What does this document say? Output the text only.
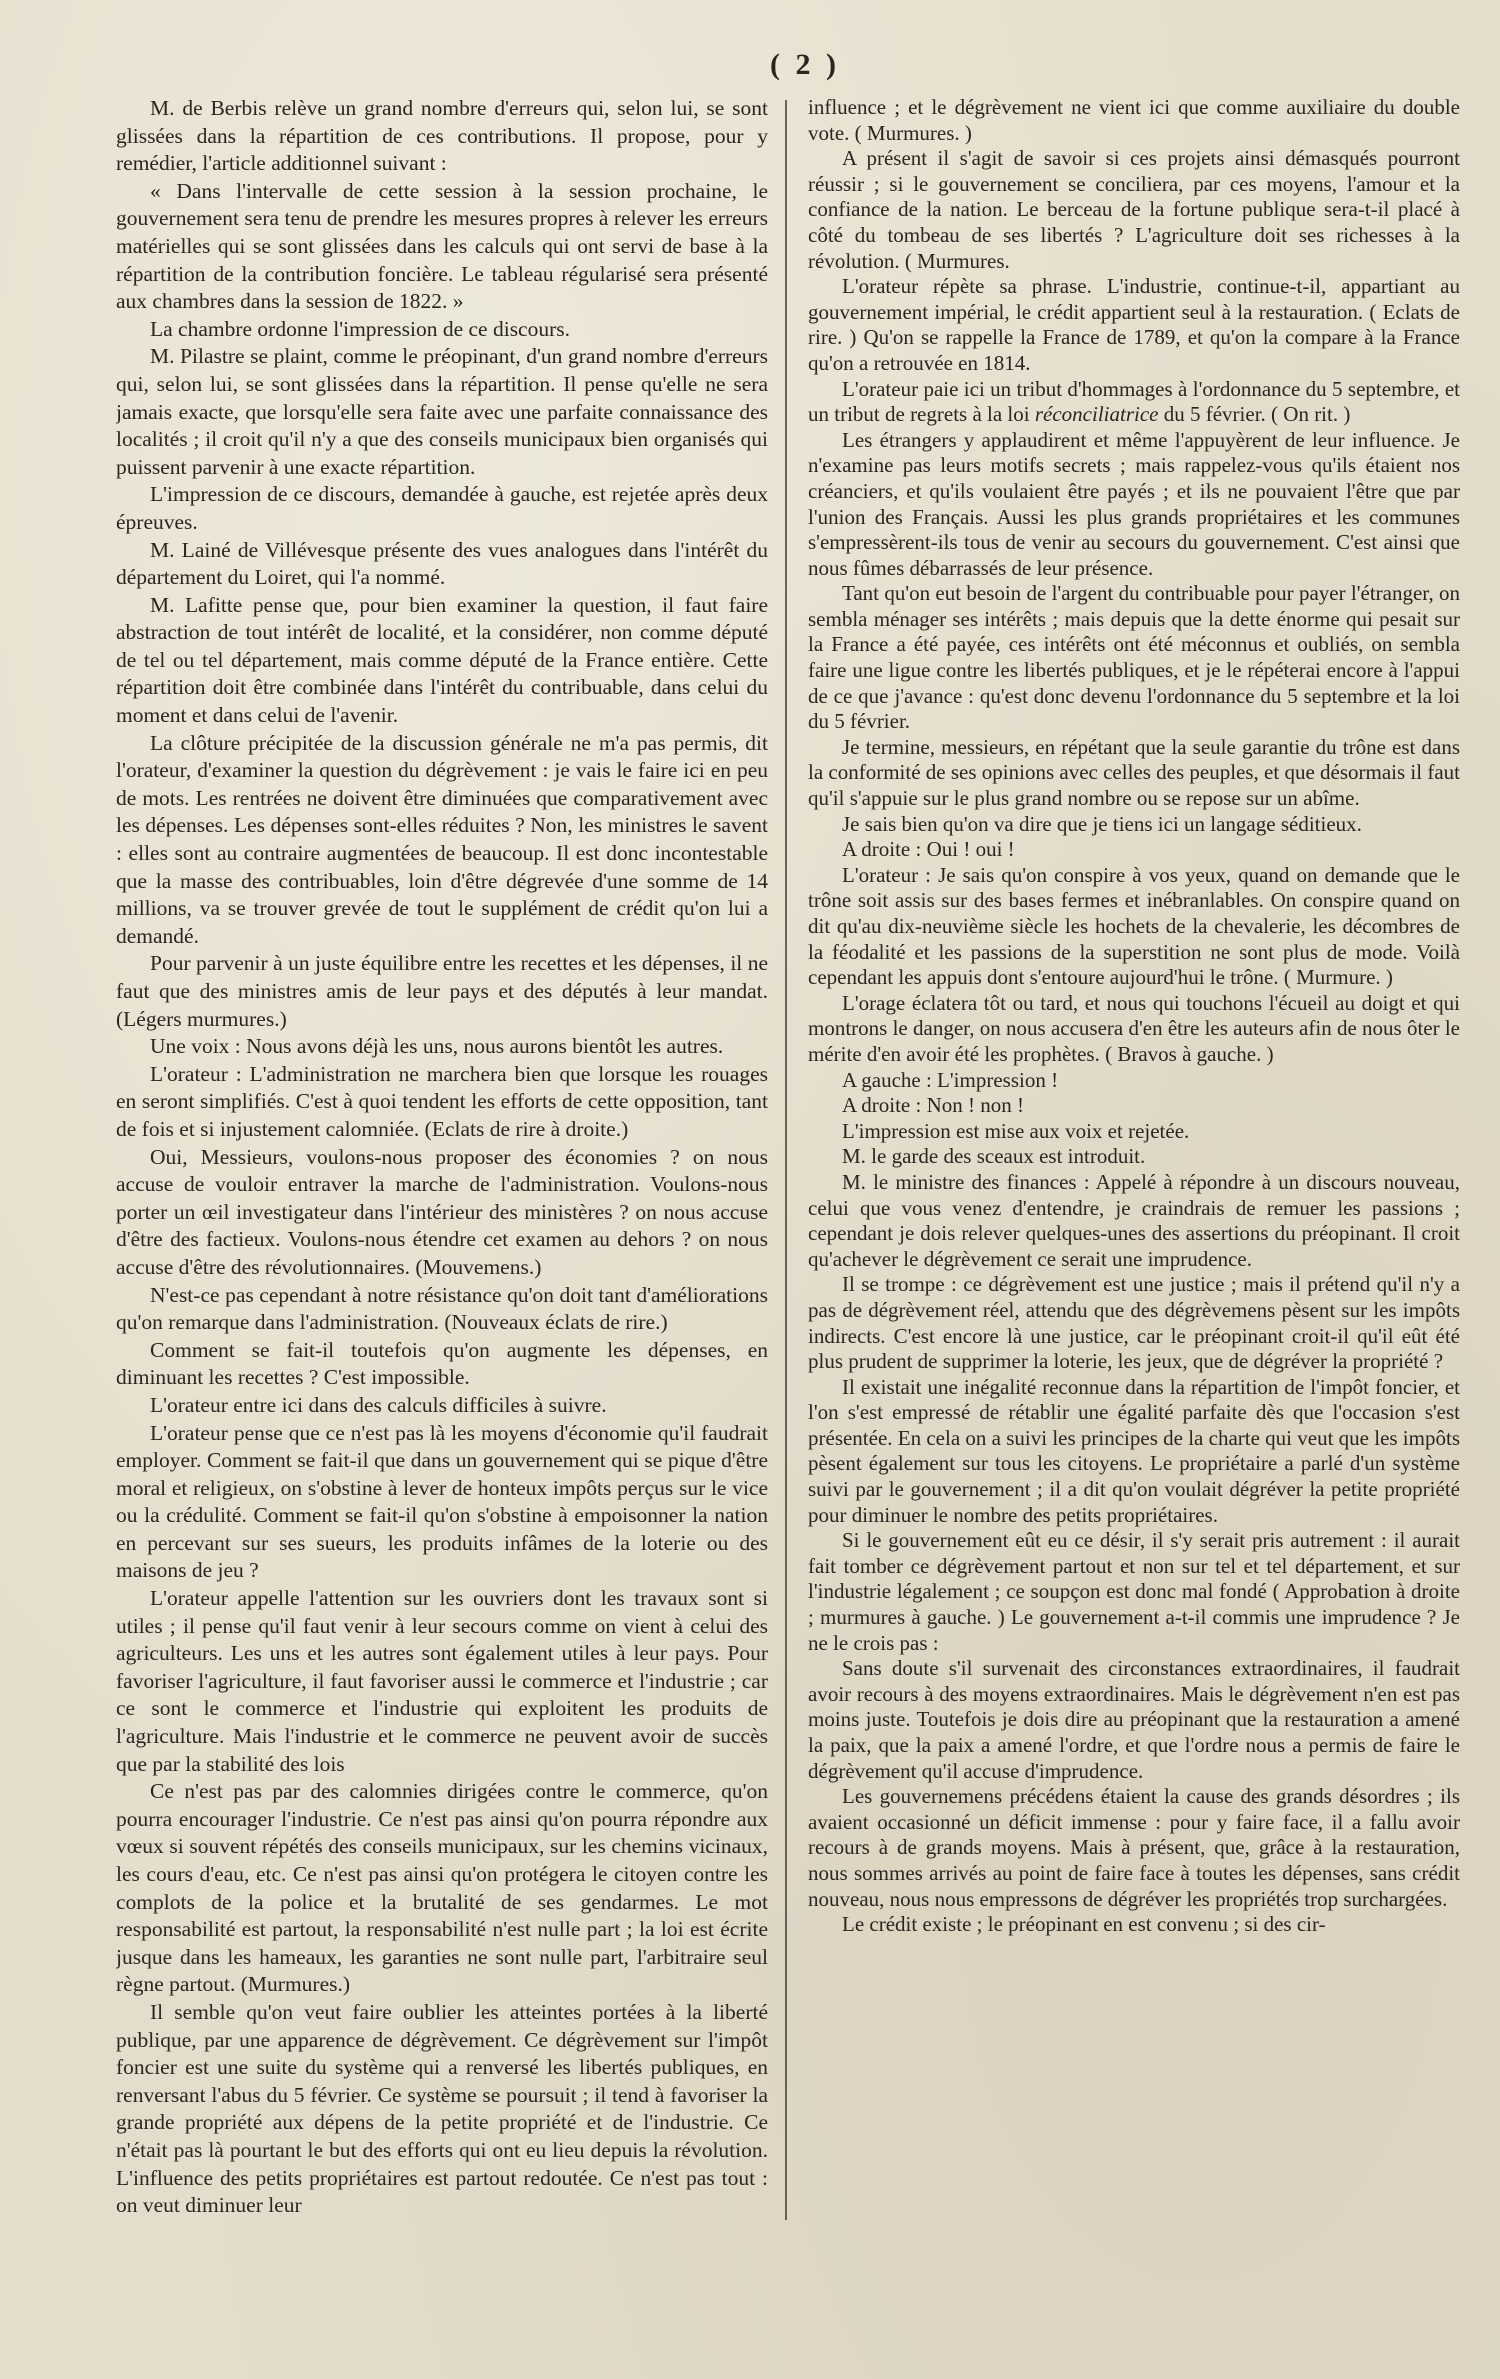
( 2 )

M. de Berbis relève un grand nombre d'erreurs qui, selon lui, se sont glissées dans la répartition de ces contributions. Il propose, pour y remédier, l'article additionnel suivant :

« Dans l'intervalle de cette session à la session prochaine, le gouvernement sera tenu de prendre les mesures propres à relever les erreurs matérielles qui se sont glissées dans les calculs qui ont servi de base à la répartition de la contribution foncière. Le tableau régularisé sera présenté aux chambres dans la session de 1822. »

La chambre ordonne l'impression de ce discours.

M. Pilastre se plaint, comme le préopinant, d'un grand nombre d'erreurs qui, selon lui, se sont glissées dans la répartition. Il pense qu'elle ne sera jamais exacte, que lorsqu'elle sera faite avec une parfaite connaissance des localités ; il croit qu'il n'y a que des conseils municipaux bien organisés qui puissent parvenir à une exacte répartition.

L'impression de ce discours, demandée à gauche, est rejetée après deux épreuves.

M. Lainé de Villévesque présente des vues analogues dans l'intérêt du département du Loiret, qui l'a nommé.

M. Lafitte pense que, pour bien examiner la question, il faut faire abstraction de tout intérêt de localité, et la considérer, non comme député de tel ou tel département, mais comme député de la France entière. Cette répartition doit être combinée dans l'intérêt du contribuable, dans celui du moment et dans celui de l'avenir.

La clôture précipitée de la discussion générale ne m'a pas permis, dit l'orateur, d'examiner la question du dégrèvement : je vais le faire ici en peu de mots. Les rentrées ne doivent être diminuées que comparativement avec les dépenses. Les dépenses sont-elles réduites ? Non, les ministres le savent : elles sont au contraire augmentées de beaucoup. Il est donc incontestable que la masse des contribuables, loin d'être dégrevée d'une somme de 14 millions, va se trouver grevée de tout le supplément de crédit qu'on lui a demandé.

Pour parvenir à un juste équilibre entre les recettes et les dépenses, il ne faut que des ministres amis de leur pays et des députés à leur mandat. (Légers murmures.)

Une voix : Nous avons déjà les uns, nous aurons bientôt les autres.

L'orateur : L'administration ne marchera bien que lorsque les rouages en seront simplifiés. C'est à quoi tendent les efforts de cette opposition, tant de fois et si injustement calomniée. (Eclats de rire à droite.)

Oui, Messieurs, voulons-nous proposer des économies ? on nous accuse de vouloir entraver la marche de l'administration. Voulons-nous porter un œil investigateur dans l'intérieur des ministères ? on nous accuse d'être des factieux. Voulons-nous étendre cet examen au dehors ? on nous accuse d'être des révolutionnaires. (Mouvemens.)

N'est-ce pas cependant à notre résistance qu'on doit tant d'améliorations qu'on remarque dans l'administration. (Nouveaux éclats de rire.)

Comment se fait-il toutefois qu'on augmente les dépenses, en diminuant les recettes ? C'est impossible.

L'orateur entre ici dans des calculs difficiles à suivre.

L'orateur pense que ce n'est pas là les moyens d'économie qu'il faudrait employer. Comment se fait-il que dans un gouvernement qui se pique d'être moral et religieux, on s'obstine à lever de honteux impôts perçus sur le vice ou la crédulité. Comment se fait-il qu'on s'obstine à empoisonner la nation en percevant sur ses sueurs, les produits infâmes de la loterie ou des maisons de jeu ?

L'orateur appelle l'attention sur les ouvriers dont les travaux sont si utiles ; il pense qu'il faut venir à leur secours comme on vient à celui des agriculteurs. Les uns et les autres sont également utiles à leur pays. Pour favoriser l'agriculture, il faut favoriser aussi le commerce et l'industrie ; car ce sont le commerce et l'industrie qui exploitent les produits de l'agriculture. Mais l'industrie et le commerce ne peuvent avoir de succès que par la stabilité des lois

Ce n'est pas par des calomnies dirigées contre le commerce, qu'on pourra encourager l'industrie. Ce n'est pas ainsi qu'on pourra répondre aux vœux si souvent répétés des conseils municipaux, sur les chemins vicinaux, les cours d'eau, etc. Ce n'est pas ainsi qu'on protégera le citoyen contre les complots de la police et la brutalité de ses gendarmes. Le mot responsabilité est partout, la responsabilité n'est nulle part ; la loi est écrite jusque dans les hameaux, les garanties ne sont nulle part, l'arbitraire seul règne partout. (Murmures.)

Il semble qu'on veut faire oublier les atteintes portées à la liberté publique, par une apparence de dégrèvement. Ce dégrèvement sur l'impôt foncier est une suite du système qui a renversé les libertés publiques, en renversant l'abus du 5 février. Ce système se poursuit ; il tend à favoriser la grande propriété aux dépens de la petite propriété et de l'industrie. Ce n'était pas là pourtant le but des efforts qui ont eu lieu depuis la révolution. L'influence des petits propriétaires est partout redoutée. Ce n'est pas tout : on veut diminuer leur

influence ; et le dégrèvement ne vient ici que comme auxiliaire du double vote. ( Murmures. )

A présent il s'agit de savoir si ces projets ainsi démasqués pourront réussir ; si le gouvernement se conciliera, par ces moyens, l'amour et la confiance de la nation. Le berceau de la fortune publique sera-t-il placé à côté du tombeau de ses libertés ? L'agriculture doit ses richesses à la révolution. ( Murmures.

L'orateur répète sa phrase. L'industrie, continue-t-il, appartiant au gouvernement impérial, le crédit appartient seul à la restauration. ( Eclats de rire. ) Qu'on se rappelle la France de 1789, et qu'on la compare à la France qu'on a retrouvée en 1814.

L'orateur paie ici un tribut d'hommages à l'ordonnance du 5 septembre, et un tribut de regrets à la loi réconciliatrice du 5 février. ( On rit. )

Les étrangers y applaudirent et même l'appuyèrent de leur influence. Je n'examine pas leurs motifs secrets ; mais rappelez-vous qu'ils étaient nos créanciers, et qu'ils voulaient être payés ; et ils ne pouvaient l'être que par l'union des Français. Aussi les plus grands propriétaires et les communes s'empressèrent-ils tous de venir au secours du gouvernement. C'est ainsi que nous fûmes débarrassés de leur présence.

Tant qu'on eut besoin de l'argent du contribuable pour payer l'étranger, on sembla ménager ses intérêts ; mais depuis que la dette énorme qui pesait sur la France a été payée, ces intérêts ont été méconnus et oubliés, on sembla faire une ligue contre les libertés publiques, et je le répéterai encore à l'appui de ce que j'avance : qu'est donc devenu l'ordonnance du 5 septembre et la loi du 5 février.

Je termine, messieurs, en répétant que la seule garantie du trône est dans la conformité de ses opinions avec celles des peuples, et que désormais il faut qu'il s'appuie sur le plus grand nombre ou se repose sur un abîme.

Je sais bien qu'on va dire que je tiens ici un langage séditieux.

A droite : Oui ! oui !

L'orateur : Je sais qu'on conspire à vos yeux, quand on demande que le trône soit assis sur des bases fermes et inébranlables. On conspire quand on dit qu'au dix-neuvième siècle les hochets de la chevalerie, les décombres de la féodalité et les passions de la superstition ne sont plus de mode. Voilà cependant les appuis dont s'entoure aujourd'hui le trône. ( Murmure. )

L'orage éclatera tôt ou tard, et nous qui touchons l'écueil au doigt et qui montrons le danger, on nous accusera d'en être les auteurs afin de nous ôter le mérite d'en avoir été les prophètes. ( Bravos à gauche. )

A gauche : L'impression !

A droite : Non ! non !

L'impression est mise aux voix et rejetée.

M. le garde des sceaux est introduit.

M. le ministre des finances : Appelé à répondre à un discours nouveau, celui que vous venez d'entendre, je craindrais de remuer les passions ; cependant je dois relever quelques-unes des assertions du préopinant. Il croit qu'achever le dégrèvement ce serait une imprudence.

Il se trompe : ce dégrèvement est une justice ; mais il prétend qu'il n'y a pas de dégrèvement réel, attendu que des dégrèvemens pèsent sur les impôts indirects. C'est encore là une justice, car le préopinant croit-il qu'il eût été plus prudent de supprimer la loterie, les jeux, que de dégréver la propriété ?

Il existait une inégalité reconnue dans la répartition de l'impôt foncier, et l'on s'est empressé de rétablir une égalité parfaite dès que l'occasion s'est présentée. En cela on a suivi les principes de la charte qui veut que les impôts pèsent également sur tous les citoyens. Le propriétaire a parlé d'un système suivi par le gouvernement ; il a dit qu'on voulait dégréver la petite propriété pour diminuer le nombre des petits propriétaires.

Si le gouvernement eût eu ce désir, il s'y serait pris autrement : il aurait fait tomber ce dégrèvement partout et non sur tel et tel département, et sur l'industrie légalement ; ce soupçon est donc mal fondé ( Approbation à droite ; murmures à gauche. ) Le gouvernement a-t-il commis une imprudence ? Je ne le crois pas :

Sans doute s'il survenait des circonstances extraordinaires, il faudrait avoir recours à des moyens extraordinaires. Mais le dégrèvement n'en est pas moins juste. Toutefois je dois dire au préopinant que la restauration a amené la paix, que la paix a amené l'ordre, et que l'ordre nous a permis de faire le dégrèvement qu'il accuse d'imprudence.

Les gouvernemens précédens étaient la cause des grands désordres ; ils avaient occasionné un déficit immense : pour y faire face, il a fallu avoir recours à de grands moyens. Mais à présent, que, grâce à la restauration, nous sommes arrivés au point de faire face à toutes les dépenses, sans crédit nouveau, nous nous empressons de dégréver les propriétés trop surchargées.

Le crédit existe ; le préopinant en est convenu ; si des cir-
